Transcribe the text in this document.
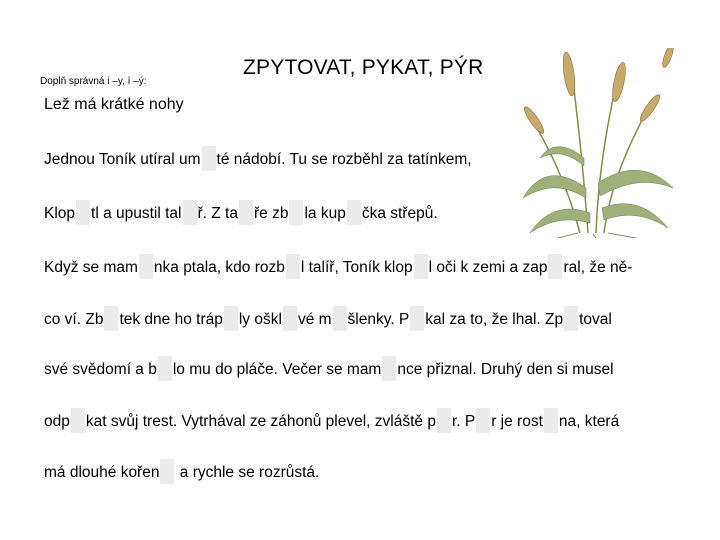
Doplň správná i –y, í –ý:
ZPYTOVAT, PYKAT, PÝR
Lež má krátké nohy
Jednou Toník utíral um té nádobí. Tu se rozběhl za tatínkem,
Klop tl a upustil tal ř. Z ta ře zb la kup čka střepů.
Když se mam nka ptala, kdo rozb l talíř, Toník klop l oči k zemi a zap ral, že ně-
co ví. Zb tek dne ho tráp ly oškl vé m šlenky. P kal za to, že lhal. Zp toval
své svědomí a b lo mu do pláče. Večer se mam nce přiznal. Druhý den si musel
odp kat svůj trest. Vytrhával ze záhonů plevel, zvláště p r. P r je rost na, která
má dlouhé kořen a rychle se rozrůstá.
